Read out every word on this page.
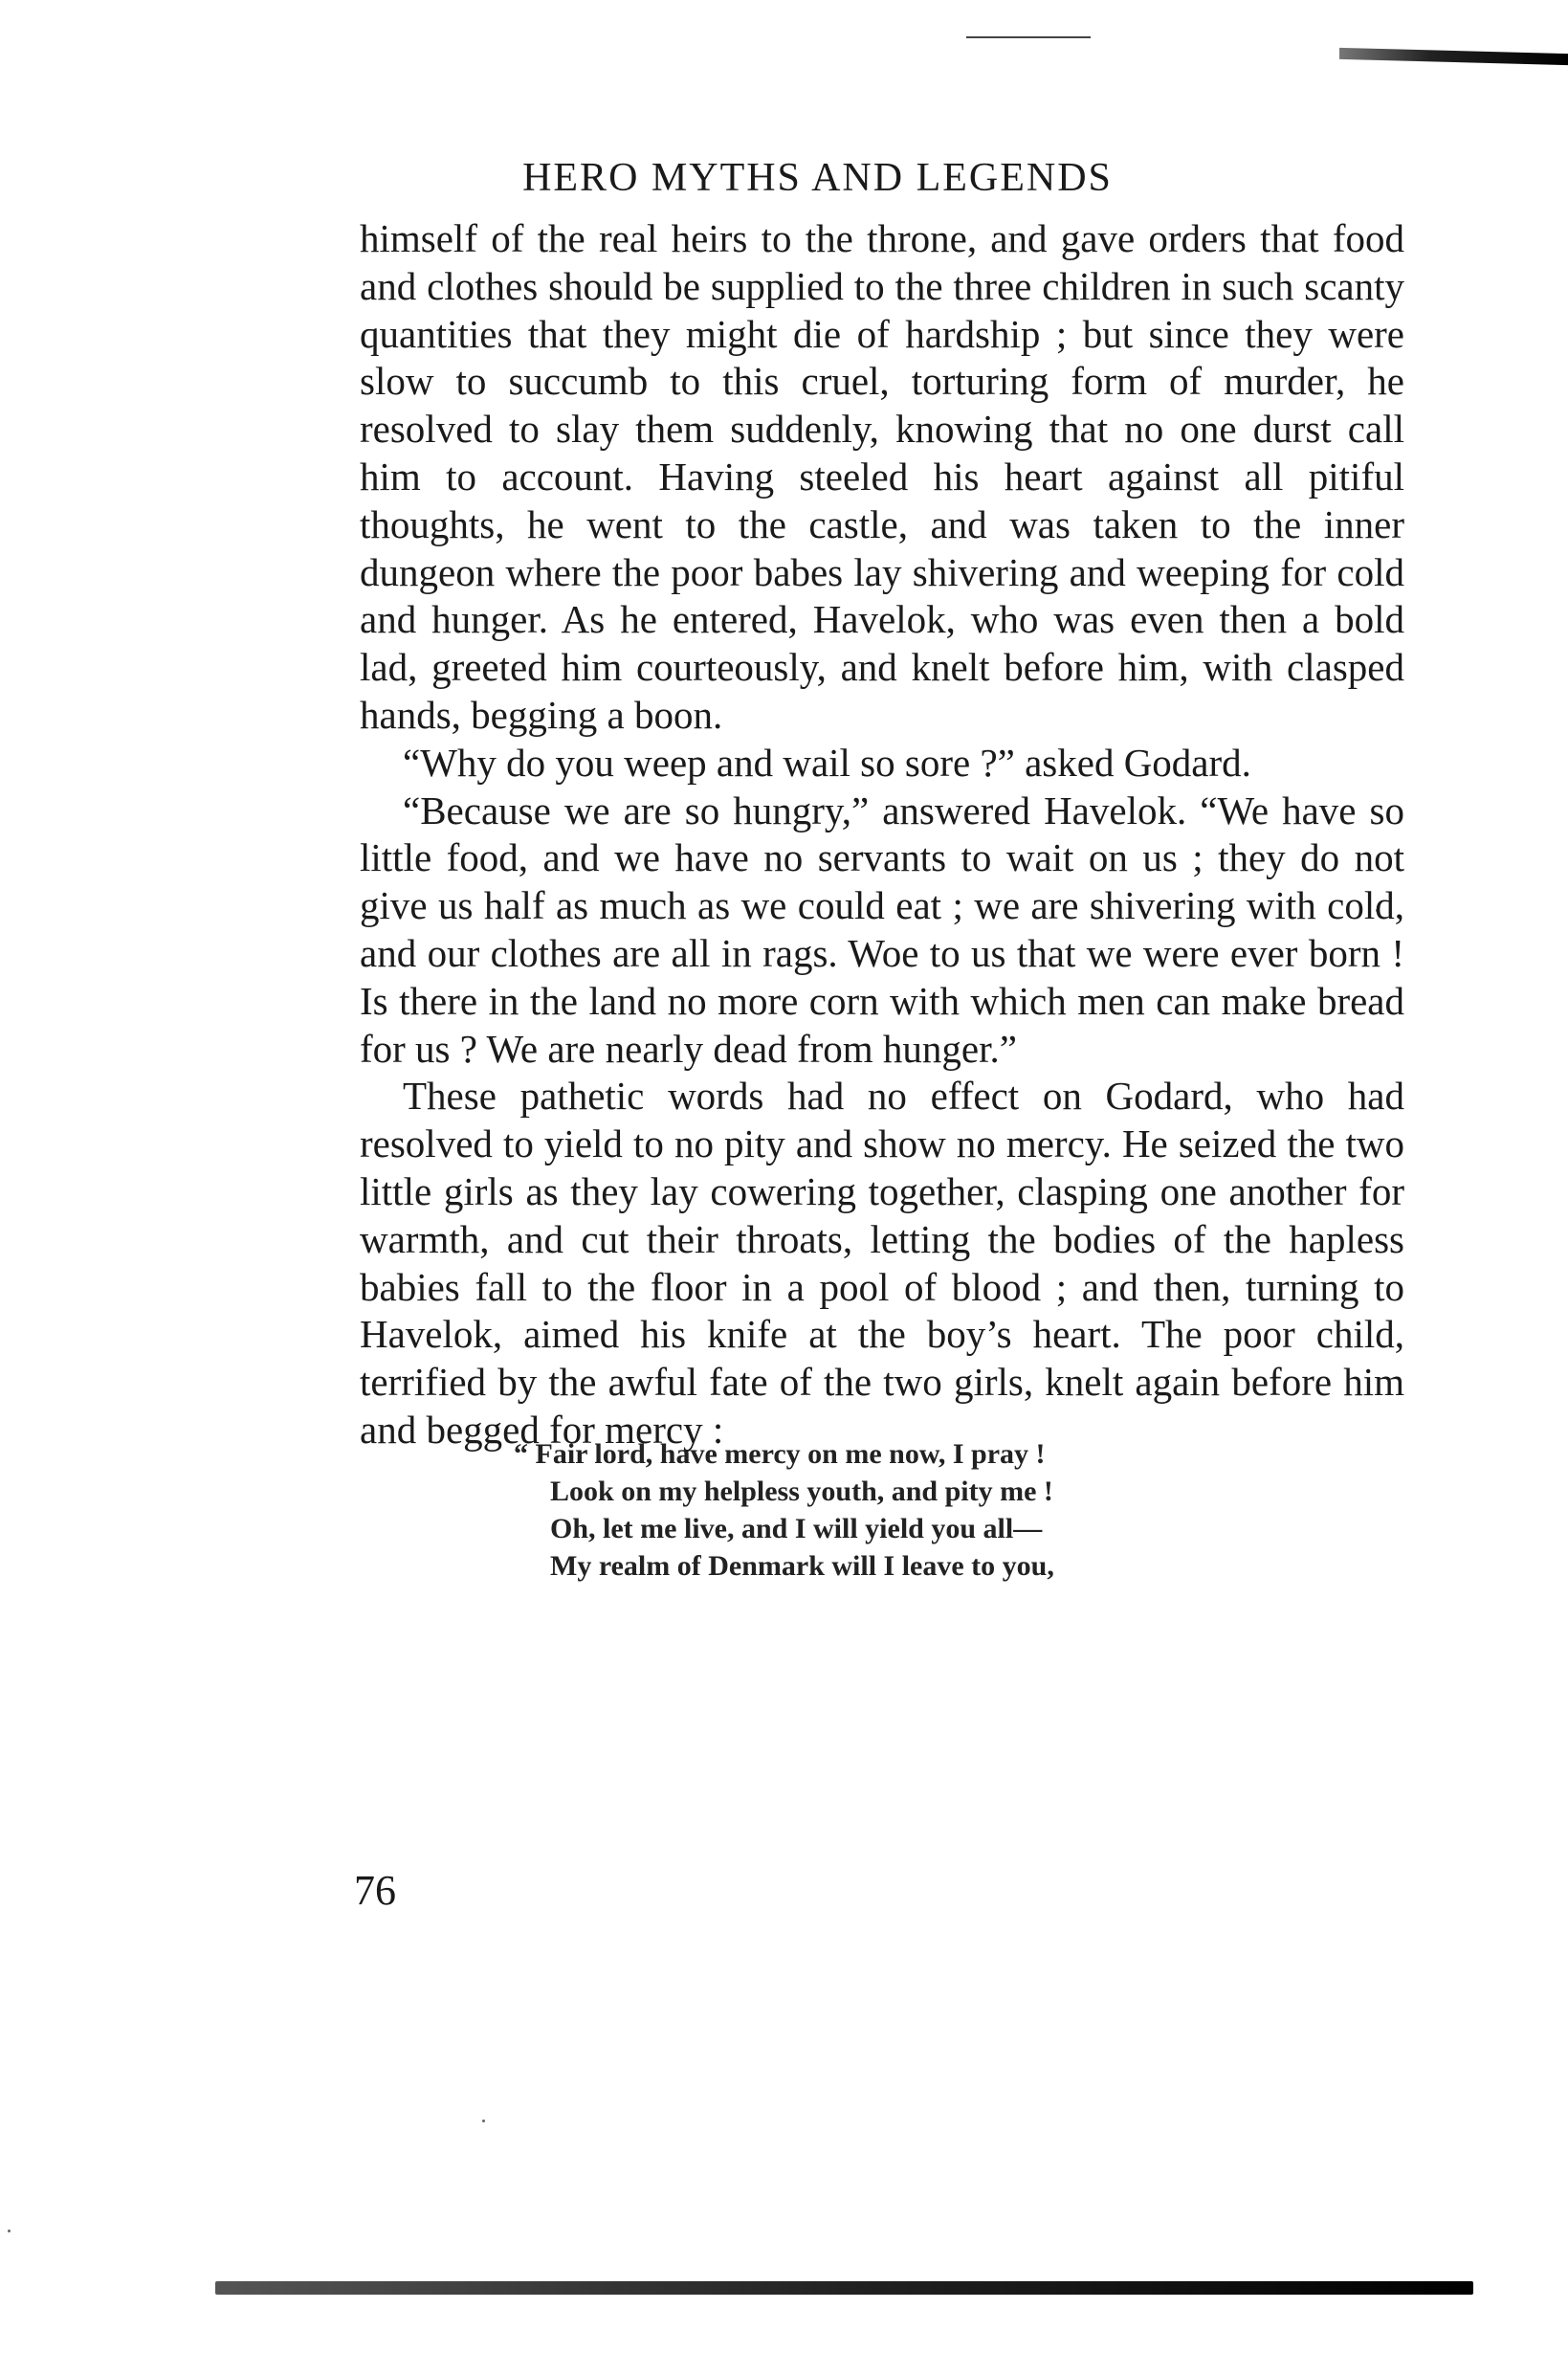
HERO MYTHS AND LEGENDS

himself of the real heirs to the throne, and gave orders that food and clothes should be supplied to the three children in such scanty quantities that they might die of hardship ; but since they were slow to succumb to this cruel, torturing form of murder, he resolved to slay them suddenly, knowing that no one durst call him to account. Having steeled his heart against all pitiful thoughts, he went to the castle, and was taken to the inner dungeon where the poor babes lay shivering and weeping for cold and hunger. As he entered, Havelok, who was even then a bold lad, greeted him courteously, and knelt before him, with clasped hands, begging a boon.

“Why do you weep and wail so sore ?” asked Godard.

“Because we are so hungry,” answered Havelok. “We have so little food, and we have no servants to wait on us ; they do not give us half as much as we could eat ; we are shivering with cold, and our clothes are all in rags. Woe to us that we were ever born ! Is there in the land no more corn with which men can make bread for us ? We are nearly dead from hunger.”

These pathetic words had no effect on Godard, who had resolved to yield to no pity and show no mercy. He seized the two little girls as they lay cowering together, clasping one another for warmth, and cut their throats, letting the bodies of the hapless babies fall to the floor in a pool of blood ; and then, turning to Havelok, aimed his knife at the boy’s heart. The poor child, terrified by the awful fate of the two girls, knelt again before him and begged for mercy :

“ Fair lord, have mercy on me now, I pray !
Look on my helpless youth, and pity me !
Oh, let me live, and I will yield you all—
My realm of Denmark will I leave to you,
76
